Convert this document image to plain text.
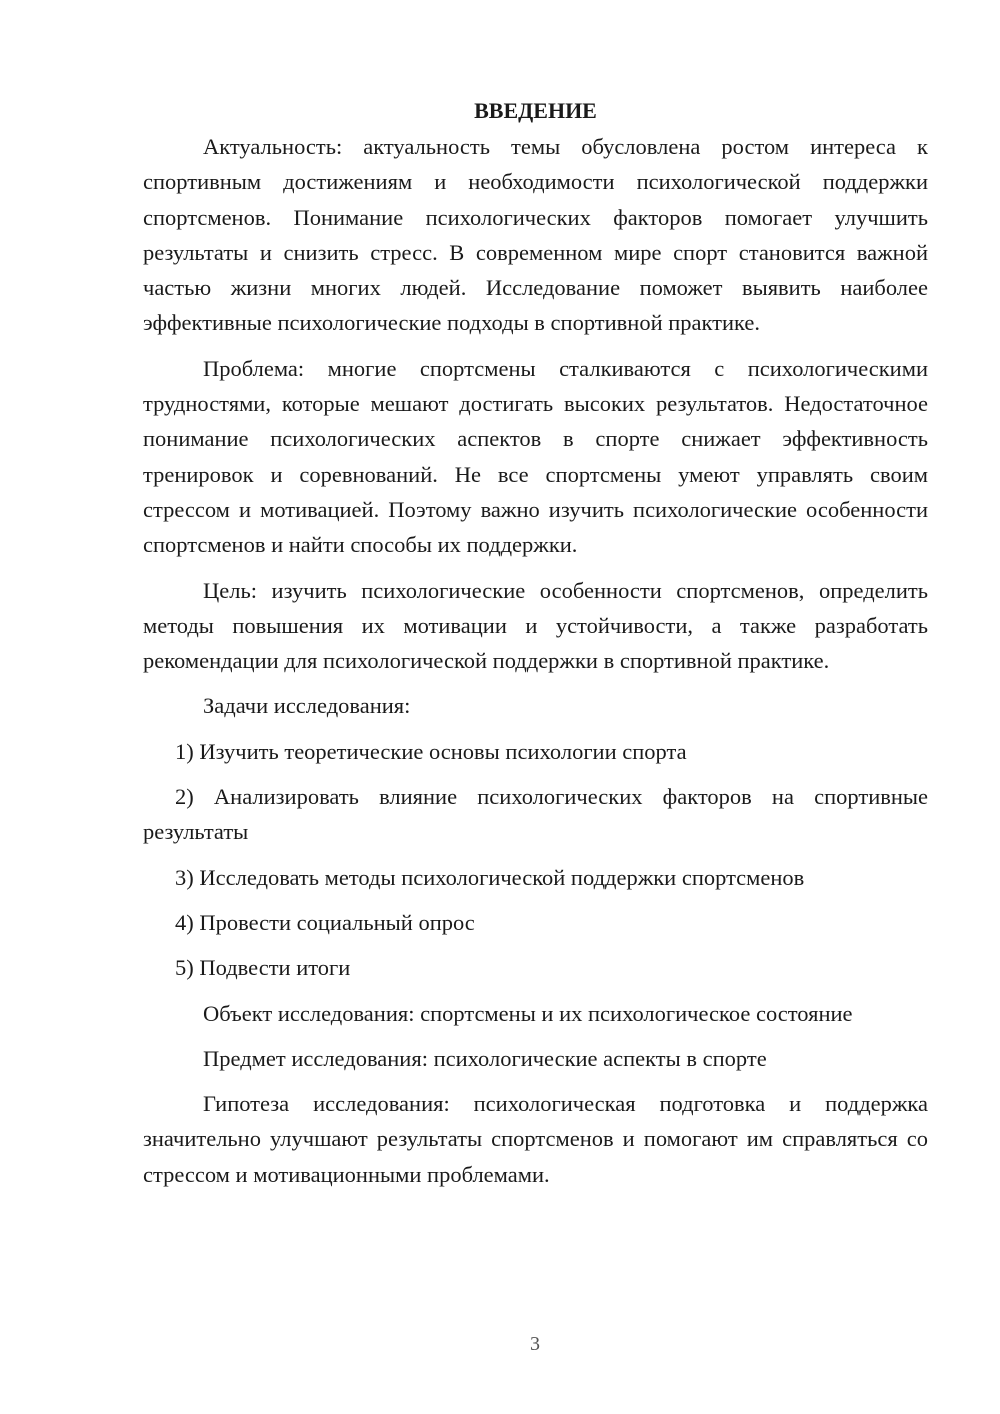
ВВЕДЕНИЕ

Актуальность: актуальность темы обусловлена ростом интереса к спортивным достижениям и необходимости психологической поддержки спортсменов. Понимание психологических факторов помогает улучшить результаты и снизить стресс. В современном мире спорт становится важной частью жизни многих людей. Исследование поможет выявить наиболее эффективные психологические подходы в спортивной практике.

Проблема: многие спортсмены сталкиваются с психологическими трудностями, которые мешают достигать высоких результатов. Недостаточное понимание психологических аспектов в спорте снижает эффективность тренировок и соревнований. Не все спортсмены умеют управлять своим стрессом и мотивацией. Поэтому важно изучить психологические особенности спортсменов и найти способы их поддержки.

Цель: изучить психологические особенности спортсменов, определить методы повышения их мотивации и устойчивости, а также разработать рекомендации для психологической поддержки в спортивной практике.

Задачи исследования:

1) Изучить теоретические основы психологии спорта

2) Анализировать влияние психологических факторов на спортивные результаты

3) Исследовать методы психологической поддержки спортсменов

4) Провести социальный опрос

5) Подвести итоги

Объект исследования: спортсмены и их психологическое состояние

Предмет исследования: психологические аспекты в спорте

Гипотеза исследования: психологическая подготовка и поддержка значительно улучшают результаты спортсменов и помогают им справляться со стрессом и мотивационными проблемами.

3
